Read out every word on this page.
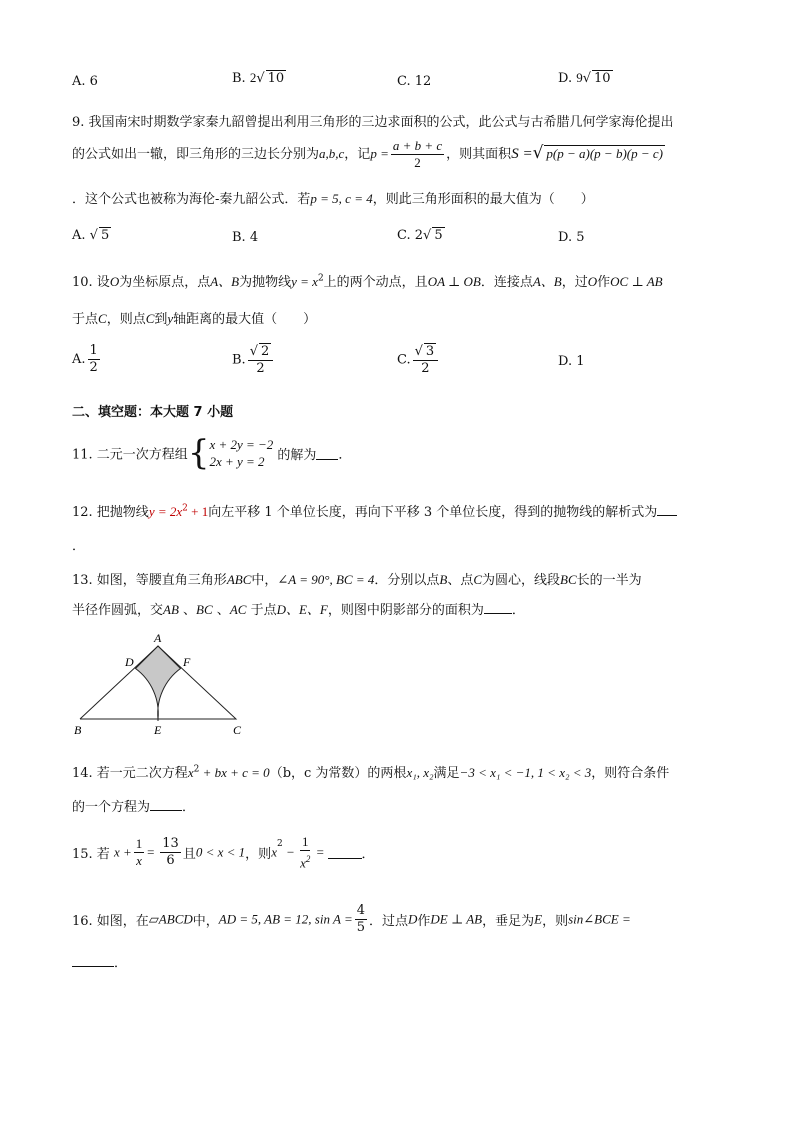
A. 6	B. 2√ 10	C. 12	D. 9√ 10
9. 我国南宋时期数学家秦九韶曾提出利用三角形的三边求面积的公式，此公式与古希腊几何学家海伦提出
的公式如出一辙，即三角形的三边长分别为a,b,c，记$p = \frac{a + b + c}{2}$ ，则其面积S =√ p(p − a)(p − b)(p − c)
．这个公式也被称为海伦-秦九韶公式．若p = 5, c = 4，则此三角形面积的最大值为（　　）
A. √ 5	B. 4	C. 2√ 5	D. 5
10. 设O为坐标原点，点A、B为抛物线$y = x^2$上的两个动点，且OA ⊥ OB．连接点A、B，过O作OC ⊥ AB
于点C，则点C到y轴距离的最大值（　　）
A. $\frac{1}{2}$	B. $\frac{√ 2}{2}$	C. $\frac{√ 3}{2}$	D. 1
二、填空题：本大题 7 小题
11. 二元一次方程组{ x + 2y = −2
2x + y = 2 的解为 ．
12. 把抛物线$y = 2x^2 + 1$向左平移 1 个单位长度，再向下平移 3 个单位长度，得到的抛物线的解析式为
．
13. 如图，等腰直角三角形ABC中，∠A = 90°, BC = 4．分别以点B、点C为圆心，线段BC长的一半为
半径作圆弧，交AB 、BC 、AC 于点D、E、F，则图中阴影部分的面积为 ．
A
D	F
B	E	C
14. 若一元二次方程$x^2$ + bx + c = 0（b，c 为常数）的两根x₁, x₂满足−3 < x₁ < −1, 1 < x₂ < 3，则符合条件
的一个方程为 ．
15. 若 $x + \frac{1}{x} = \frac{13}{6}$ 且0 < x < 1，则$x^2 - \frac{1}{x^2}$ =	．
16. 如图，在▱ABCD中，AD = 5, AB = 12, $\sin A = \frac{4}{5}$ ．过点D作DE ⊥ AB，垂足为E，则sin∠BCE =
．
